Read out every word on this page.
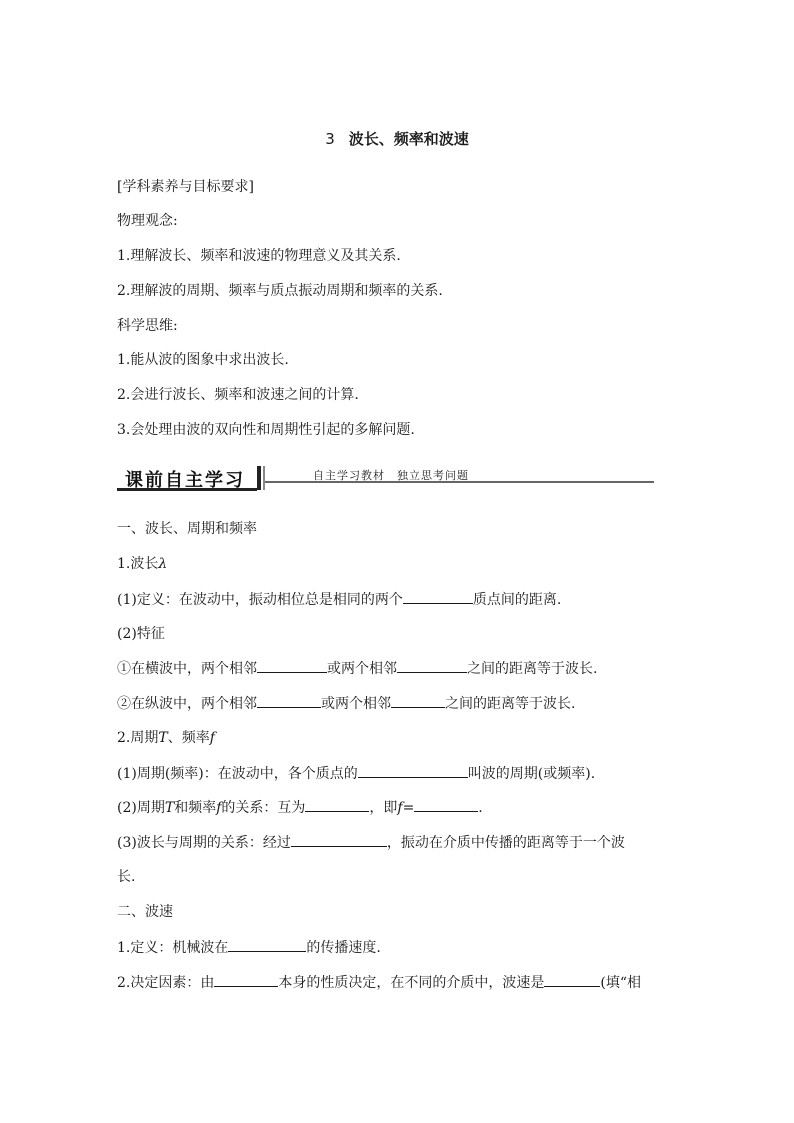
3 波长、频率和波速
[学科素养与目标要求]
物理观念:
1.理解波长、频率和波速的物理意义及其关系.
2.理解波的周期、频率与质点振动周期和频率的关系.
科学思维:
1.能从波的图象中求出波长.
2.会进行波长、频率和波速之间的计算.
3.会处理由波的双向性和周期性引起的多解问题.
课前自主学习	自主学习教材　独立思考问题
一、波长、周期和频率
1.波长λ
(1)定义：在波动中，振动相位总是相同的两个	质点间的距离.
(2)特征
①在横波中，两个相邻	或两个相邻	之间的距离等于波长.
②在纵波中，两个相邻	或两个相邻	之间的距离等于波长.
2.周期T、频率f
(1)周期(频率)：在波动中，各个质点的	叫波的周期(或频率).
(2)周期T和频率f的关系：互为	，即f=	.
(3)波长与周期的关系：经过	，振动在介质中传播的距离等于一个波
长.
二、波速
1.定义：机械波在	的传播速度.
2.决定因素：由	本身的性质决定，在不同的介质中，波速是	(填“相
